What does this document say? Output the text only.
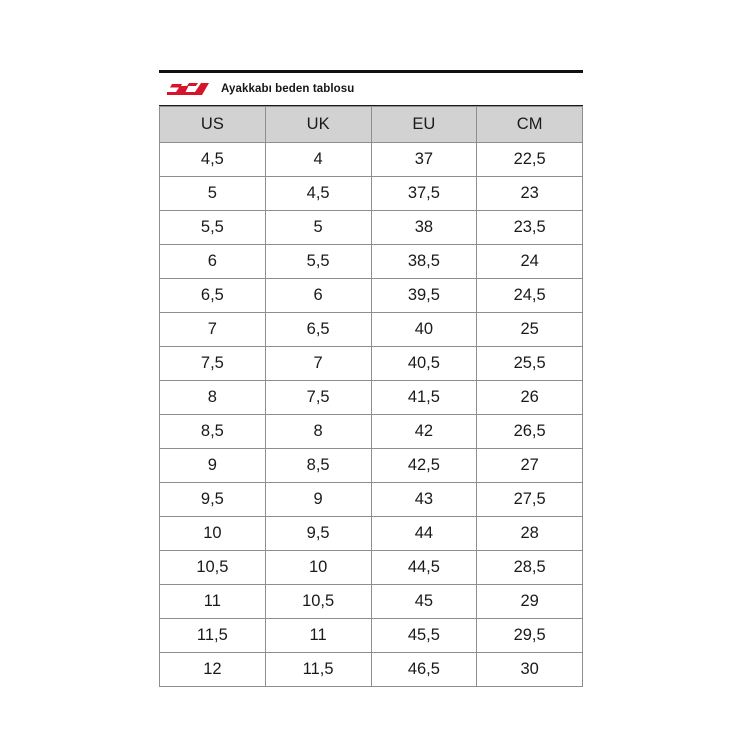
Ayakkabı beden tablosu
US	UK	EU	CM
4,5	4	37	22,5
5	4,5	37,5	23
5,5	5	38	23,5
6	5,5	38,5	24
6,5	6	39,5	24,5
7	6,5	40	25
7,5	7	40,5	25,5
8	7,5	41,5	26
8,5	8	42	26,5
9	8,5	42,5	27
9,5	9	43	27,5
10	9,5	44	28
10,5	10	44,5	28,5
11	10,5	45	29
11,5	11	45,5	29,5
12	11,5	46,5	30
